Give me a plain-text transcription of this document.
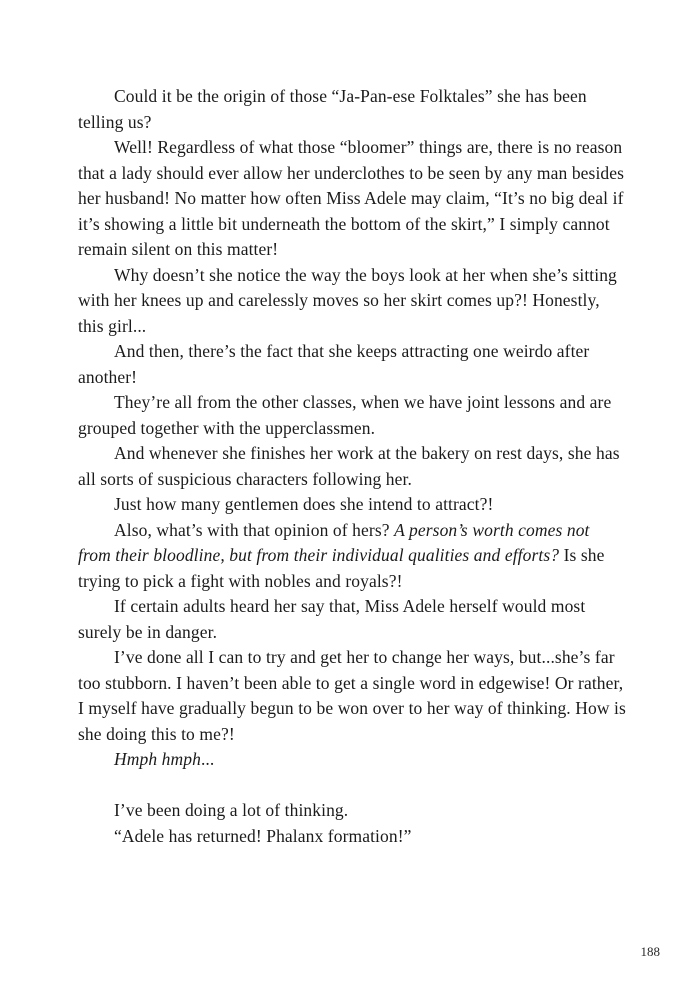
Could it be the origin of those “Ja-Pan-ese Folktales” she has been telling us?

Well! Regardless of what those “bloomer” things are, there is no reason that a lady should ever allow her underclothes to be seen by any man besides her husband! No matter how often Miss Adele may claim, “It’s no big deal if it’s showing a little bit underneath the bottom of the skirt,” I simply cannot remain silent on this matter!

Why doesn’t she notice the way the boys look at her when she’s sitting with her knees up and carelessly moves so her skirt comes up?! Honestly, this girl...

And then, there’s the fact that she keeps attracting one weirdo after another!

They’re all from the other classes, when we have joint lessons and are grouped together with the upperclassmen.

And whenever she finishes her work at the bakery on rest days, she has all sorts of suspicious characters following her.

Just how many gentlemen does she intend to attract?!

Also, what’s with that opinion of hers? A person’s worth comes not from their bloodline, but from their individual qualities and efforts? Is she trying to pick a fight with nobles and royals?!

If certain adults heard her say that, Miss Adele herself would most surely be in danger.

I’ve done all I can to try and get her to change her ways, but...she’s far too stubborn. I haven’t been able to get a single word in edgewise! Or rather, I myself have gradually begun to be won over to her way of thinking. How is she doing this to me?!

Hmph hmph...

I’ve been doing a lot of thinking.

“Adele has returned! Phalanx formation!”

188
